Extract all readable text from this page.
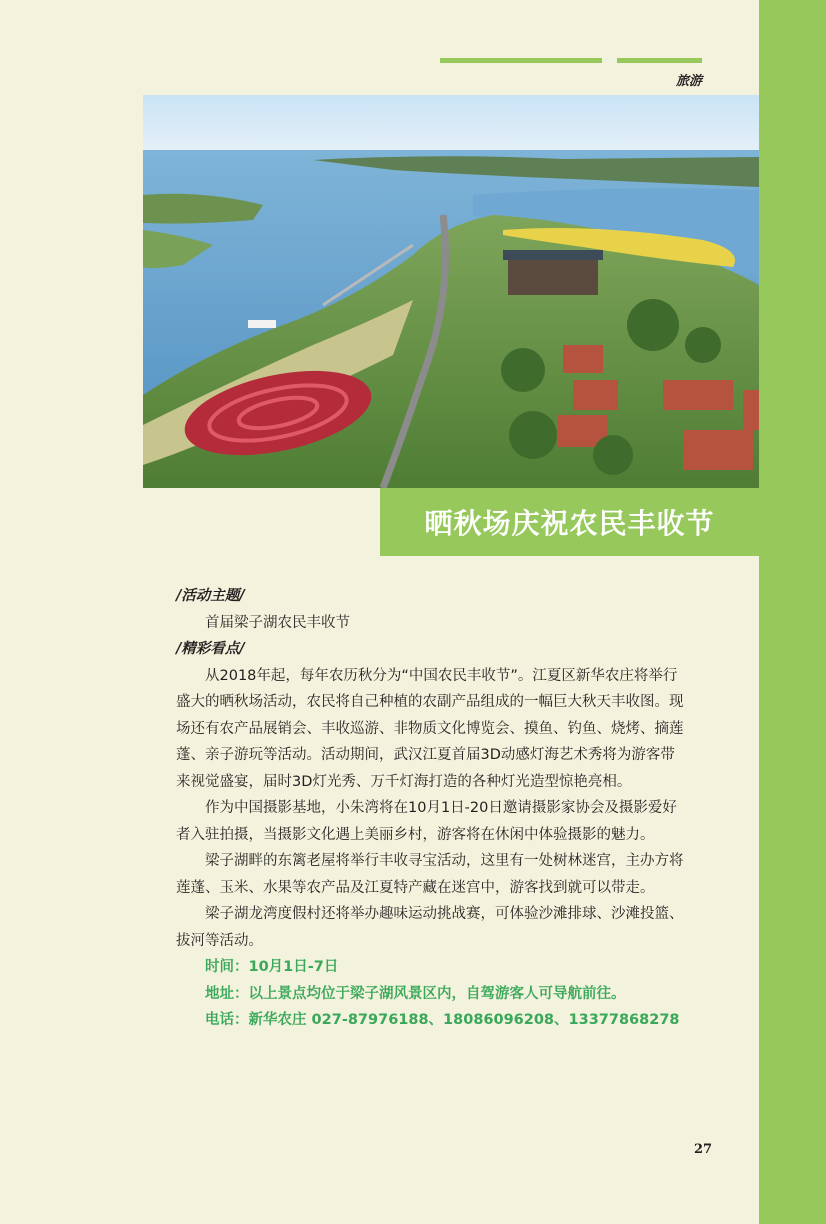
旅游
晒秋场庆祝农民丰收节

/活动主题/

首届梁子湖农民丰收节

/精彩看点/

从2018年起，每年农历秋分为“中国农民丰收节”。江夏区新华农庄将举行盛大的晒秋场活动，农民将自己种植的农副产品组成的一幅巨大秋天丰收图。现场还有农产品展销会、丰收巡游、非物质文化博览会、摸鱼、钓鱼、烧烤、摘莲蓬、亲子游玩等活动。活动期间，武汉江夏首届3D动感灯海艺术秀将为游客带来视觉盛宴，届时3D灯光秀、万千灯海打造的各种灯光造型惊艳亮相。

作为中国摄影基地，小朱湾将在10月1日-20日邀请摄影家协会及摄影爱好者入驻拍摄，当摄影文化遇上美丽乡村，游客将在休闲中体验摄影的魅力。

梁子湖畔的东篱老屋将举行丰收寻宝活动，这里有一处树林迷宫，主办方将莲蓬、玉米、水果等农产品及江夏特产藏在迷宫中，游客找到就可以带走。

梁子湖龙湾度假村还将举办趣味运动挑战赛，可体验沙滩排球、沙滩投篮、拔河等活动。

时间：10月1日-7日

地址：以上景点均位于梁子湖风景区内，自驾游客人可导航前往。

电话：新华农庄 027-87976188、18086096208、13377868278

27
